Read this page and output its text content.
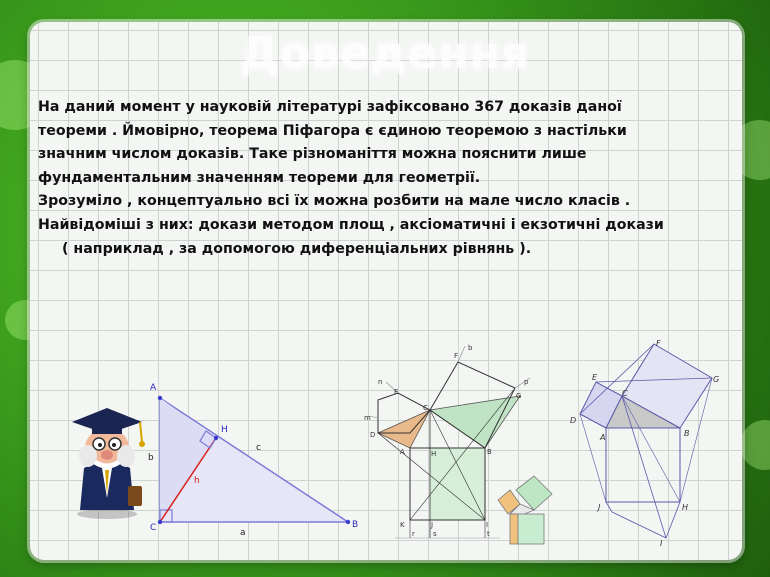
Доведення
На даний момент у науковій літературі зафіксовано 367 доказів даної
теореми . Ймовірно, теорема Піфагора є єдиною теоремою з настільки
значним числом доказів. Таке різноманіття можна пояснити лише
фундаментальним значенням теореми для геометрії.
Зрозуміло , концептуально всі їх можна розбити на мале число класів .
Найвідоміші з них: докази методом площ , аксіоматичні і екзотичні докази
( наприклад , за допомогою диференціальних рівнянь ).
A
C	B
H
a
b
c
h
F
b
n
E
C
p
G
m
D
A	H	B
K	J	I
r	s	t
F
E	G
C
D
A	B
J	H
I
